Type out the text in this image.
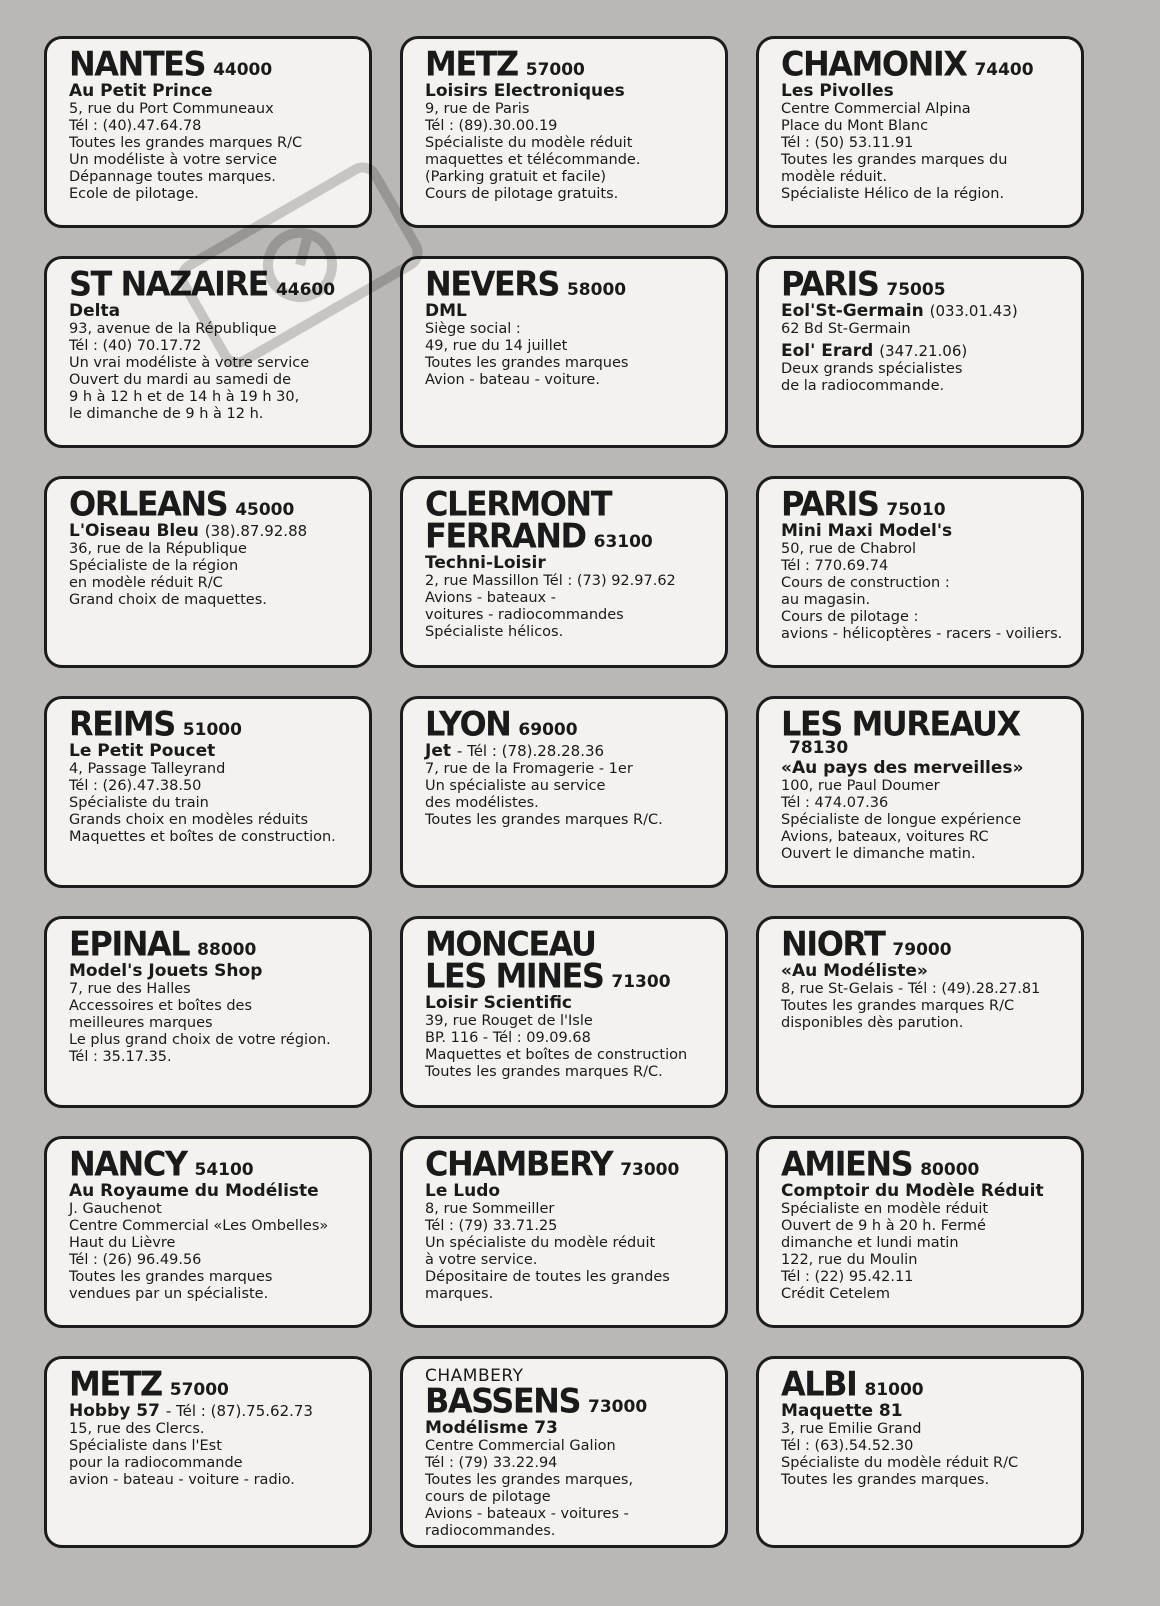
NANTES 44000
Au Petit Prince
5, rue du Port Communeaux
Tél : (40).47.64.78
Toutes les grandes marques R/C
Un modéliste à votre service
Dépannage toutes marques.
Ecole de pilotage.
METZ 57000
Loisirs Electroniques
9, rue de Paris
Tél : (89).30.00.19
Spécialiste du modèle réduit
maquettes et télécommande.
(Parking gratuit et facile)
Cours de pilotage gratuits.
CHAMONIX 74400
Les Pivolles
Centre Commercial Alpina
Place du Mont Blanc
Tél : (50) 53.11.91
Toutes les grandes marques du
modèle réduit.
Spécialiste Hélico de la région.
ST NAZAIRE 44600
Delta
93, avenue de la République
Tél : (40) 70.17.72
Un vrai modéliste à votre service
Ouvert du mardi au samedi de
9 h à 12 h et de 14 h à 19 h 30,
le dimanche de 9 h à 12 h.
NEVERS 58000
DML
Siège social :
49, rue du 14 juillet
Toutes les grandes marques
Avion - bateau - voiture.
PARIS 75005
Eol'St-Germain (033.01.43)
62 Bd St-Germain
Eol' Erard (347.21.06)
Deux grands spécialistes
de la radiocommande.
ORLEANS 45000
L'Oiseau Bleu (38).87.92.88
36, rue de la République
Spécialiste de la région
en modèle réduit R/C
Grand choix de maquettes.
CLERMONT
FERRAND 63100
Techni-Loisir
2, rue Massillon Tél : (73) 92.97.62
Avions - bateaux -
voitures - radiocommandes
Spécialiste hélicos.
PARIS 75010
Mini Maxi Model's
50, rue de Chabrol
Tél : 770.69.74
Cours de construction :
au magasin.
Cours de pilotage :
avions - hélicoptères - racers - voiliers.
REIMS 51000
Le Petit Poucet
4, Passage Talleyrand
Tél : (26).47.38.50
Spécialiste du train
Grands choix en modèles réduits
Maquettes et boîtes de construction.
LYON 69000
Jet - Tél : (78).28.28.36
7, rue de la Fromagerie - 1er
Un spécialiste au service
des modélistes.
Toutes les grandes marques R/C.
LES MUREAUX78130
«Au pays des merveilles»
100, rue Paul Doumer
Tél : 474.07.36
Spécialiste de longue expérience
Avions, bateaux, voitures RC
Ouvert le dimanche matin.
EPINAL 88000
Model's Jouets Shop
7, rue des Halles
Accessoires et boîtes des
meilleures marques
Le plus grand choix de votre région.
Tél : 35.17.35.
MONCEAU
LES MINES 71300
Loisir Scientific
39, rue Rouget de l'Isle
BP. 116 - Tél : 09.09.68
Maquettes et boîtes de construction
Toutes les grandes marques R/C.
NIORT 79000
«Au Modéliste»
8, rue St-Gelais - Tél : (49).28.27.81
Toutes les grandes marques R/C
disponibles dès parution.
NANCY 54100
Au Royaume du Modéliste
J. Gauchenot
Centre Commercial «Les Ombelles»
Haut du Lièvre
Tél : (26) 96.49.56
Toutes les grandes marques
vendues par un spécialiste.
CHAMBERY 73000
Le Ludo
8, rue Sommeiller
Tél : (79) 33.71.25
Un spécialiste du modèle réduit
à votre service.
Dépositaire de toutes les grandes
marques.
AMIENS 80000
Comptoir du Modèle Réduit
Spécialiste en modèle réduit
Ouvert de 9 h à 20 h. Fermé
dimanche et lundi matin
122, rue du Moulin
Tél : (22) 95.42.11
Crédit Cetelem
METZ 57000
Hobby 57 - Tél : (87).75.62.73
15, rue des Clercs.
Spécialiste dans l'Est
pour la radiocommande
avion - bateau - voiture - radio.
CHAMBERY
BASSENS 73000
Modélisme 73
Centre Commercial Galion
Tél : (79) 33.22.94
Toutes les grandes marques,
cours de pilotage
Avions - bateaux - voitures -
radiocommandes.
ALBI 81000
Maquette 81
3, rue Emilie Grand
Tél : (63).54.52.30
Spécialiste du modèle réduit R/C
Toutes les grandes marques.
